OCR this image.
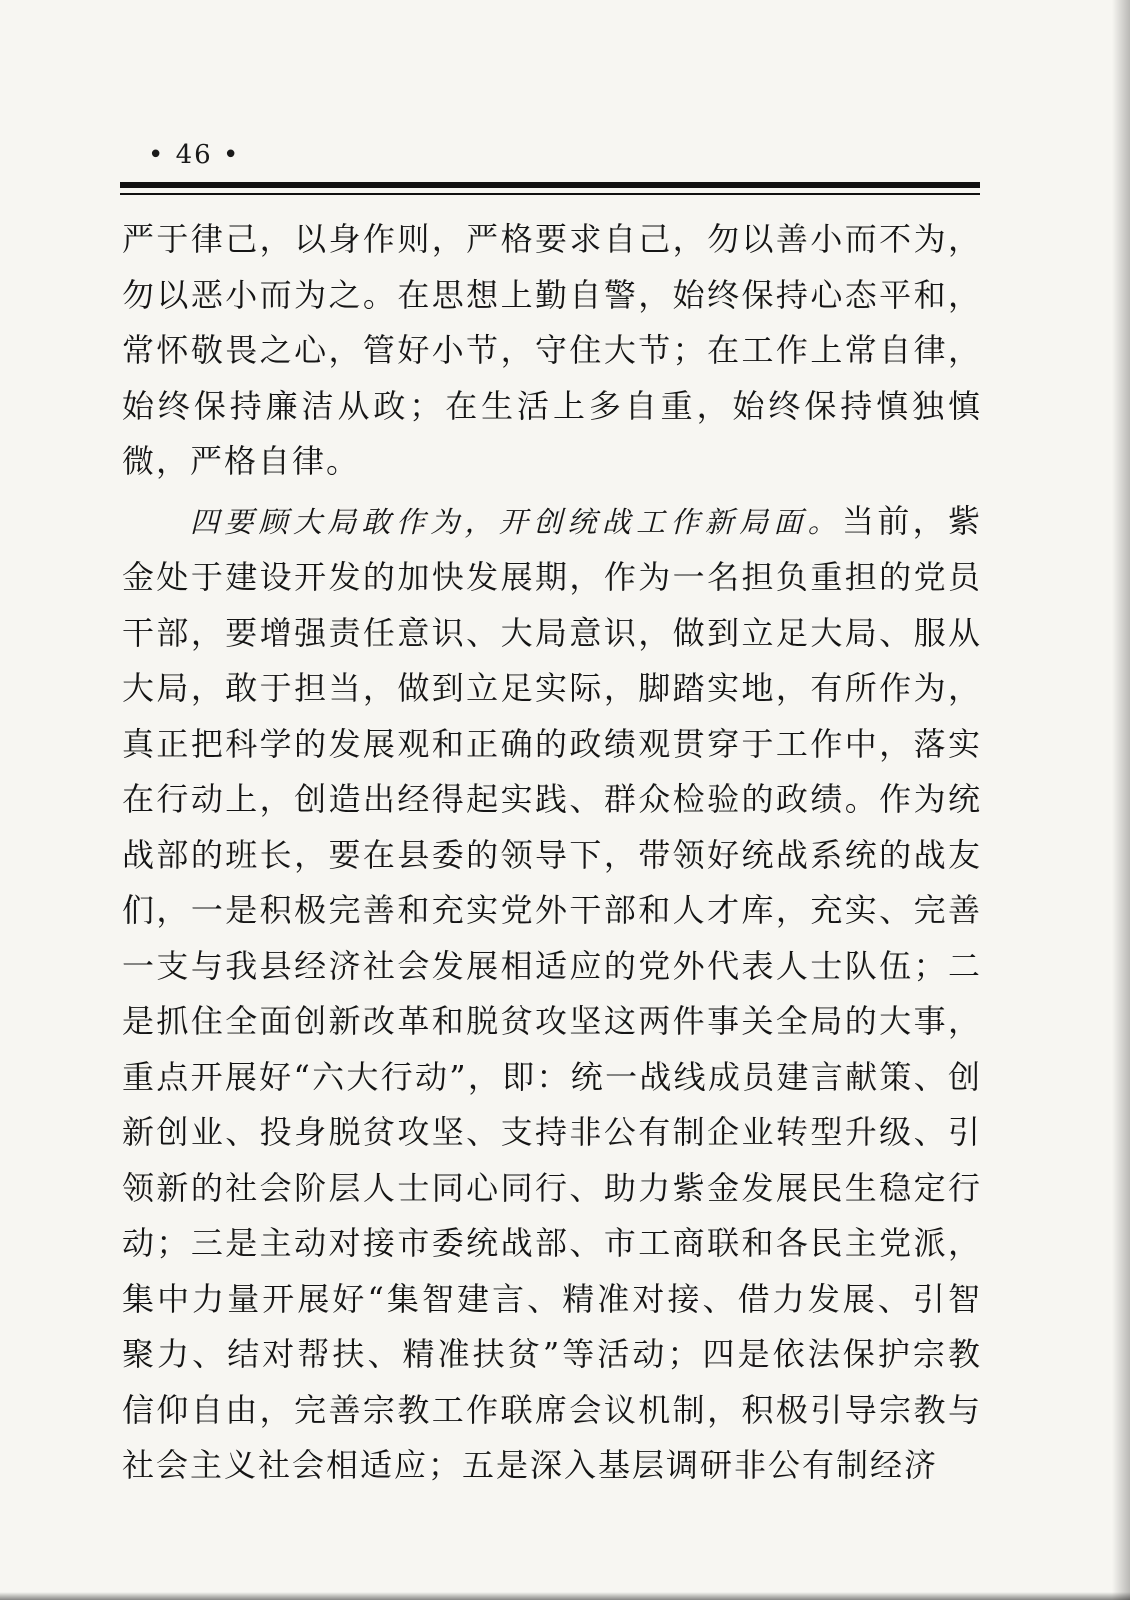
• 46 •

严于律己，以身作则，严格要求自己，勿以善小而不为，勿以恶小而为之。在思想上勤自警，始终保持心态平和，常怀敬畏之心，管好小节，守住大节；在工作上常自律，始终保持廉洁从政；在生活上多自重，始终保持慎独慎微，严格自律。

四要顾大局敢作为，开创统战工作新局面。当前，紫金处于建设开发的加快发展期，作为一名担负重担的党员干部，要增强责任意识、大局意识，做到立足大局、服从大局，敢于担当，做到立足实际，脚踏实地，有所作为，真正把科学的发展观和正确的政绩观贯穿于工作中，落实在行动上，创造出经得起实践、群众检验的政绩。作为统战部的班长，要在县委的领导下，带领好统战系统的战友们，一是积极完善和充实党外干部和人才库，充实、完善一支与我县经济社会发展相适应的党外代表人士队伍；二是抓住全面创新改革和脱贫攻坚这两件事关全局的大事，重点开展好“六大行动”，即：统一战线成员建言献策、创新创业、投身脱贫攻坚、支持非公有制企业转型升级、引领新的社会阶层人士同心同行、助力紫金发展民生稳定行动；三是主动对接市委统战部、市工商联和各民主党派，集中力量开展好“集智建言、精准对接、借力发展、引智聚力、结对帮扶、精准扶贫”等活动；四是依法保护宗教信仰自由，完善宗教工作联席会议机制，积极引导宗教与社会主义社会相适应；五是深入基层调研非公有制经济
